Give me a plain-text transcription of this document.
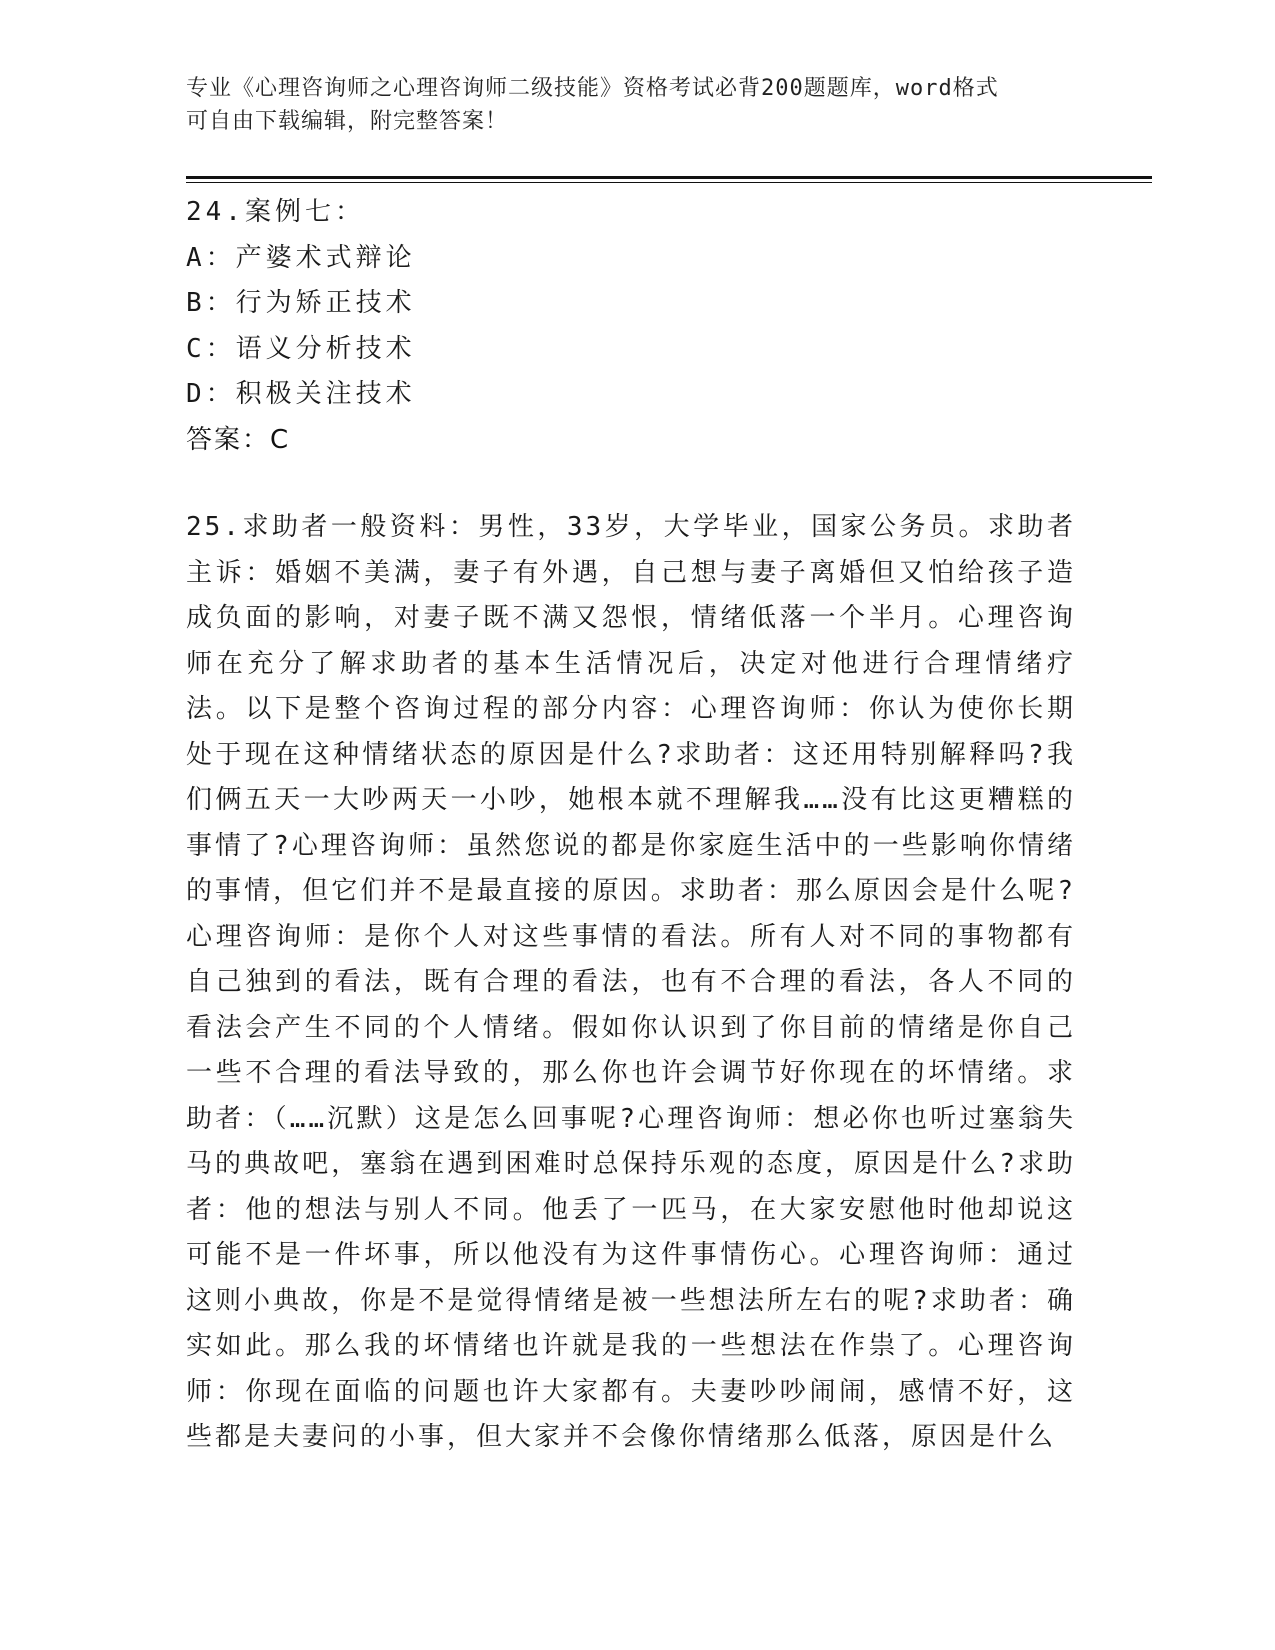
专业《心理咨询师之心理咨询师二级技能》资格考试必背200题题库，word格式

可自由下载编辑，附完整答案！

24.案例七：
A：产婆术式辩论
B：行为矫正技术
C：语义分析技术
D：积极关注技术
答案：C

25.求助者一般资料：男性，33岁，大学毕业，国家公务员。求助者主诉：婚姻不美满，妻子有外遇，自己想与妻子离婚但又怕给孩子造成负面的影响，对妻子既不满又怨恨，情绪低落一个半月。心理咨询师在充分了解求助者的基本生活情况后，决定对他进行合理情绪疗法。以下是整个咨询过程的部分内容：心理咨询师：你认为使你长期处于现在这种情绪状态的原因是什么?求助者：这还用特别解释吗?我们俩五天一大吵两天一小吵，她根本就不理解我……没有比这更糟糕的事情了?心理咨询师：虽然您说的都是你家庭生活中的一些影响你情绪的事情，但它们并不是最直接的原因。求助者：那么原因会是什么呢?心理咨询师：是你个人对这些事情的看法。所有人对不同的事物都有自己独到的看法，既有合理的看法，也有不合理的看法，各人不同的看法会产生不同的个人情绪。假如你认识到了你目前的情绪是你自己一些不合理的看法导致的，那么你也许会调节好你现在的坏情绪。求助者：（……沉默）这是怎么回事呢?心理咨询师：想必你也听过塞翁失马的典故吧，塞翁在遇到困难时总保持乐观的态度，原因是什么?求助者：他的想法与别人不同。他丢了一匹马，在大家安慰他时他却说这可能不是一件坏事，所以他没有为这件事情伤心。心理咨询师：通过这则小典故，你是不是觉得情绪是被一些想法所左右的呢?求助者：确实如此。那么我的坏情绪也许就是我的一些想法在作祟了。心理咨询师：你现在面临的问题也许大家都有。夫妻吵吵闹闹，感情不好，这些都是夫妻问的小事，但大家并不会像你情绪那么低落，原因是什么
